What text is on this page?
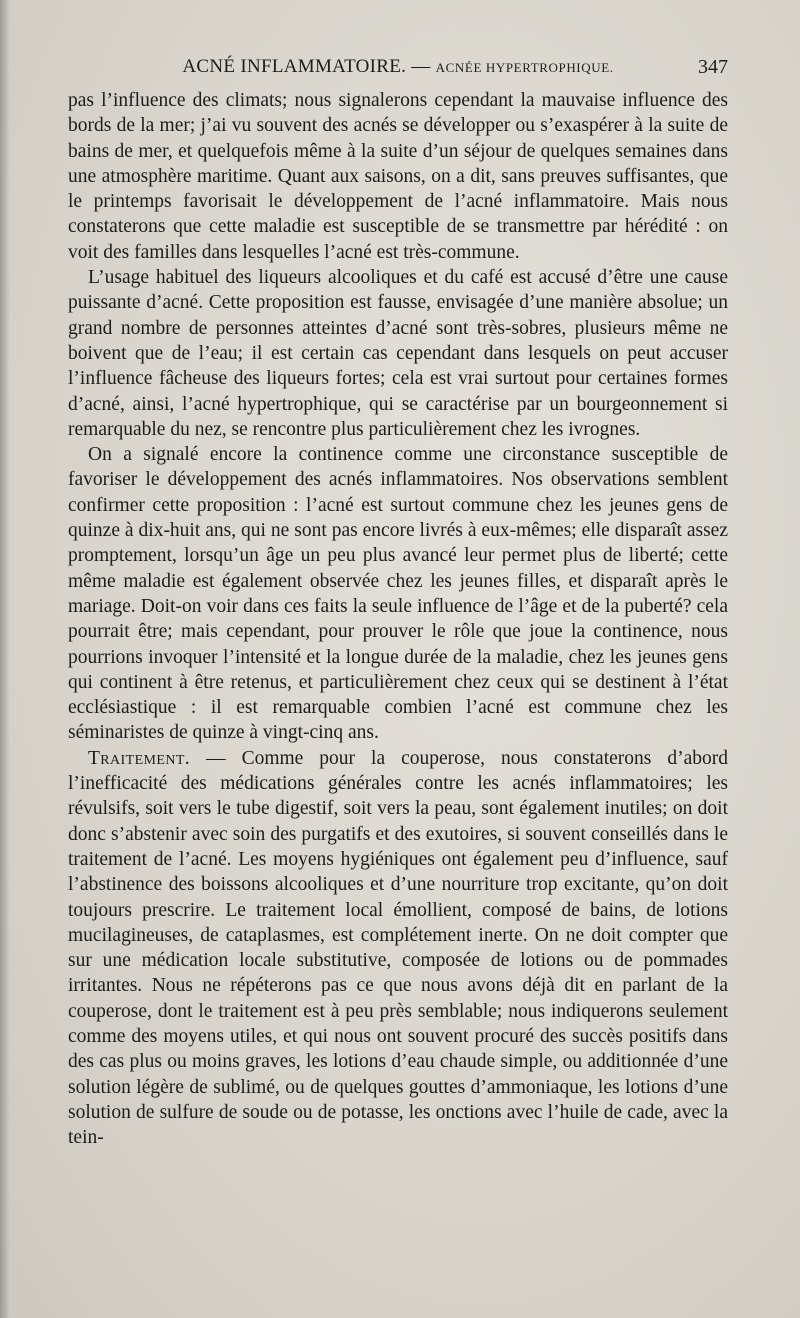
ACNÉ INFLAMMATOIRE. — ACNÉE HYPERTROPHIQUE.	347

pas l’influence des climats; nous signalerons cependant la mauvaise influence des bords de la mer; j’ai vu souvent des acnés se développer ou s’exaspérer à la suite de bains de mer, et quelquefois même à la suite d’un séjour de quelques semaines dans une atmosphère maritime. Quant aux saisons, on a dit, sans preuves suffisantes, que le printemps favorisait le développement de l’acné inflammatoire. Mais nous constaterons que cette maladie est susceptible de se transmettre par hérédité : on voit des familles dans lesquelles l’acné est très-commune.

L’usage habituel des liqueurs alcooliques et du café est accusé d’être une cause puissante d’acné. Cette proposition est fausse, envisagée d’une manière absolue; un grand nombre de personnes atteintes d’acné sont très-sobres, plusieurs même ne boivent que de l’eau; il est certain cas cependant dans lesquels on peut accuser l’influence fâcheuse des liqueurs fortes; cela est vrai surtout pour certaines formes d’acné, ainsi, l’acné hypertrophique, qui se caractérise par un bourgeonnement si remarquable du nez, se rencontre plus particulièrement chez les ivrognes.

On a signalé encore la continence comme une circonstance susceptible de favoriser le développement des acnés inflammatoires. Nos observations semblent confirmer cette proposition : l’acné est surtout commune chez les jeunes gens de quinze à dix-huit ans, qui ne sont pas encore livrés à eux-mêmes; elle disparaît assez promptement, lorsqu’un âge un peu plus avancé leur permet plus de liberté; cette même maladie est également observée chez les jeunes filles, et disparaît après le mariage. Doit-on voir dans ces faits la seule influence de l’âge et de la puberté? cela pourrait être; mais cependant, pour prouver le rôle que joue la continence, nous pourrions invoquer l’intensité et la longue durée de la maladie, chez les jeunes gens qui continent à être retenus, et particulièrement chez ceux qui se destinent à l’état ecclésiastique : il est remarquable combien l’acné est commune chez les séminaristes de quinze à vingt-cinq ans.

Traitement. — Comme pour la couperose, nous constaterons d’abord l’inefficacité des médications générales contre les acnés inflammatoires; les révulsifs, soit vers le tube digestif, soit vers la peau, sont également inutiles; on doit donc s’abstenir avec soin des purgatifs et des exutoires, si souvent conseillés dans le traitement de l’acné. Les moyens hygiéniques ont également peu d’influence, sauf l’abstinence des boissons alcooliques et d’une nourriture trop excitante, qu’on doit toujours prescrire. Le traitement local émollient, composé de bains, de lotions mucilagineuses, de cataplasmes, est complétement inerte. On ne doit compter que sur une médication locale substitutive, composée de lotions ou de pommades irritantes. Nous ne répéterons pas ce que nous avons déjà dit en parlant de la couperose, dont le traitement est à peu près semblable; nous indiquerons seulement comme des moyens utiles, et qui nous ont souvent procuré des succès positifs dans des cas plus ou moins graves, les lotions d’eau chaude simple, ou additionnée d’une solution légère de sublimé, ou de quelques gouttes d’ammoniaque, les lotions d’une solution de sulfure de soude ou de potasse, les onctions avec l’huile de cade, avec la tein-
